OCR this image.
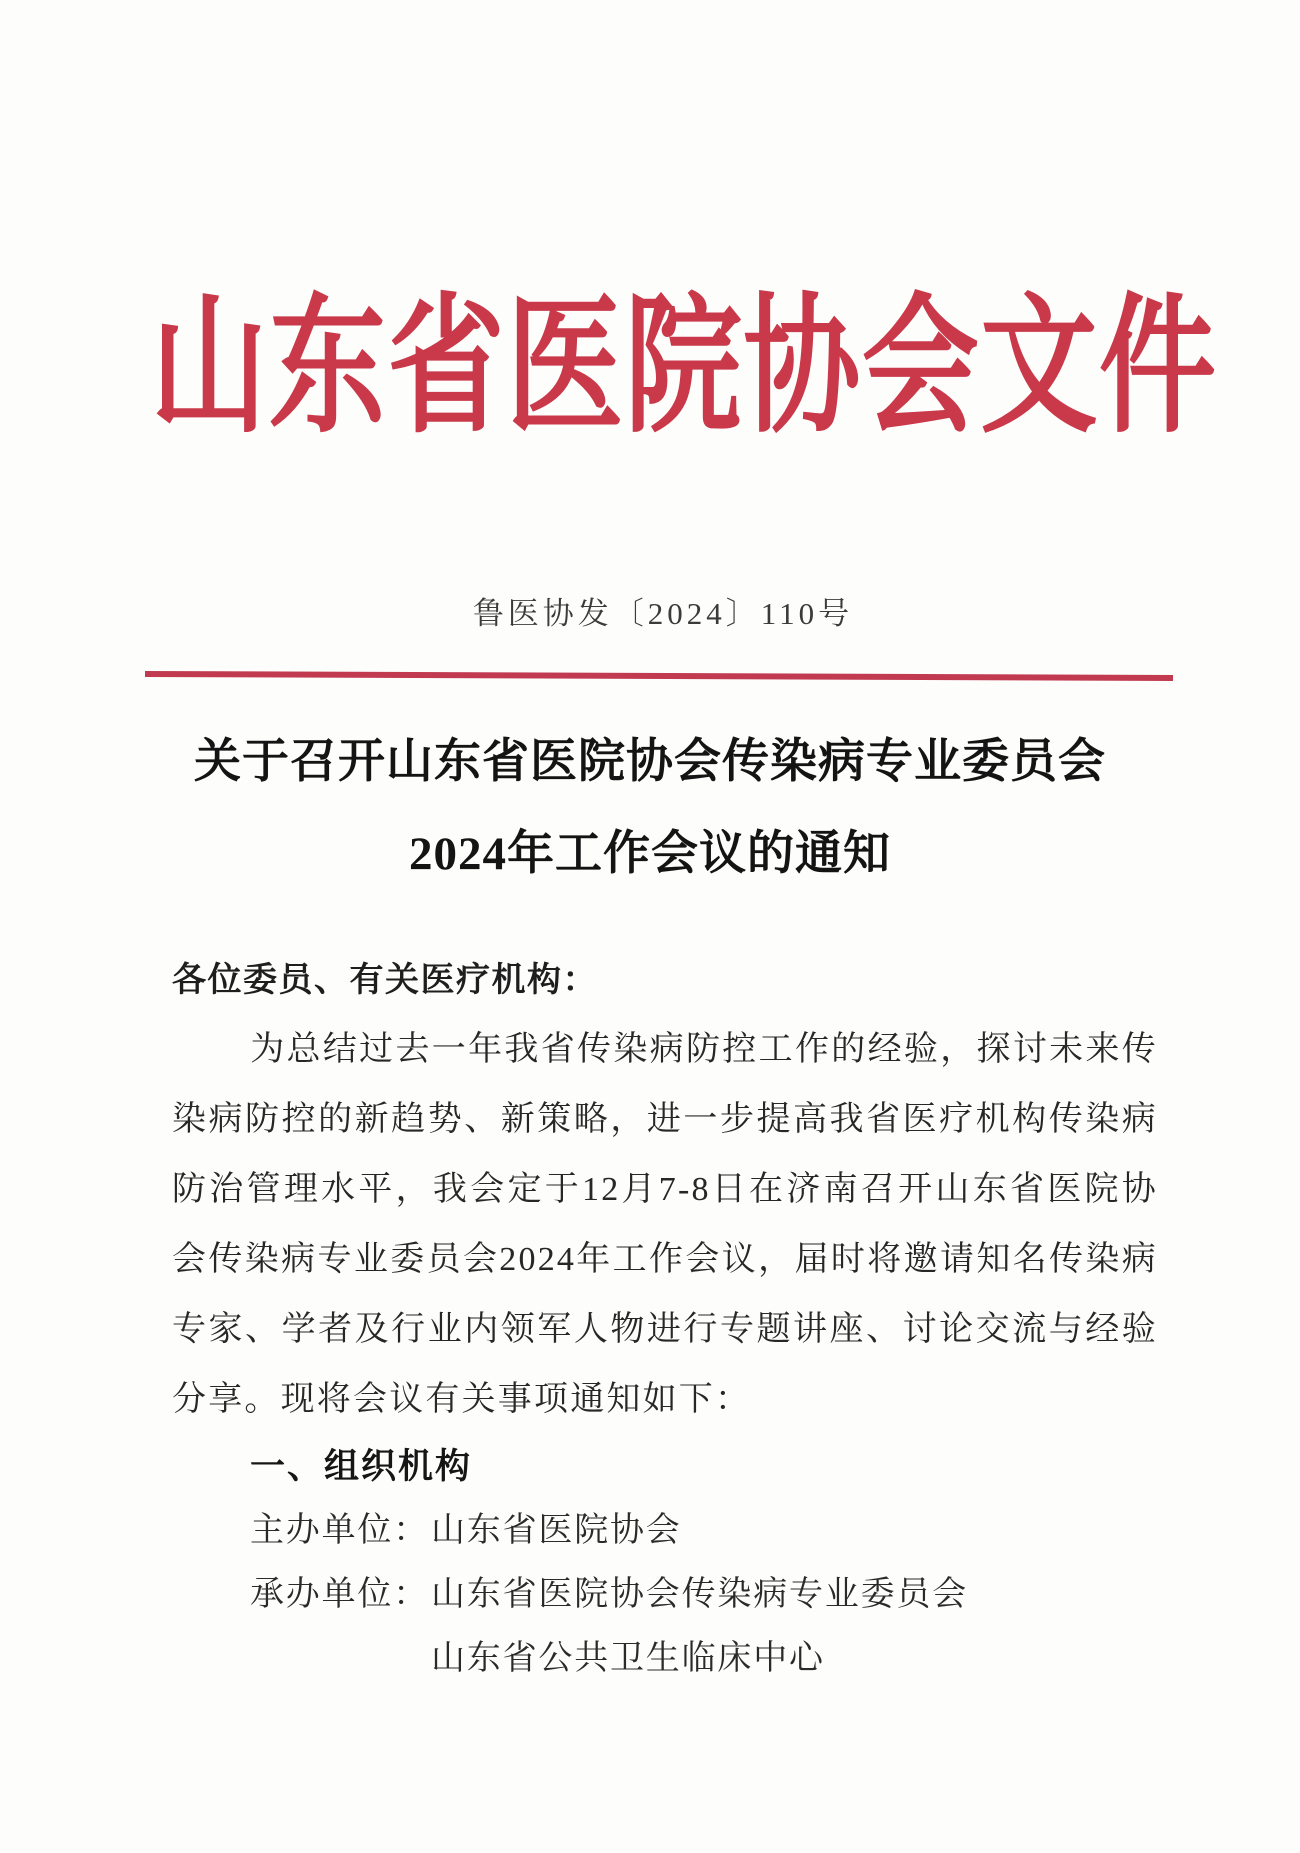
山东省医院协会文件
鲁医协发〔2024〕110号
关于召开山东省医院协会传染病专业委员会
2024年工作会议的通知
各位委员、有关医疗机构：

为总结过去一年我省传染病防控工作的经验，探讨未来传染病防控的新趋势、新策略，进一步提高我省医疗机构传染病防治管理水平，我会定于12月7-8日在济南召开山东省医院协会传染病专业委员会2024年工作会议，届时将邀请知名传染病专家、学者及行业内领军人物进行专题讲座、讨论交流与经验分享。现将会议有关事项通知如下：

一、组织机构
主办单位： 山东省医院协会
承办单位： 山东省医院协会传染病专业委员会
山东省公共卫生临床中心
